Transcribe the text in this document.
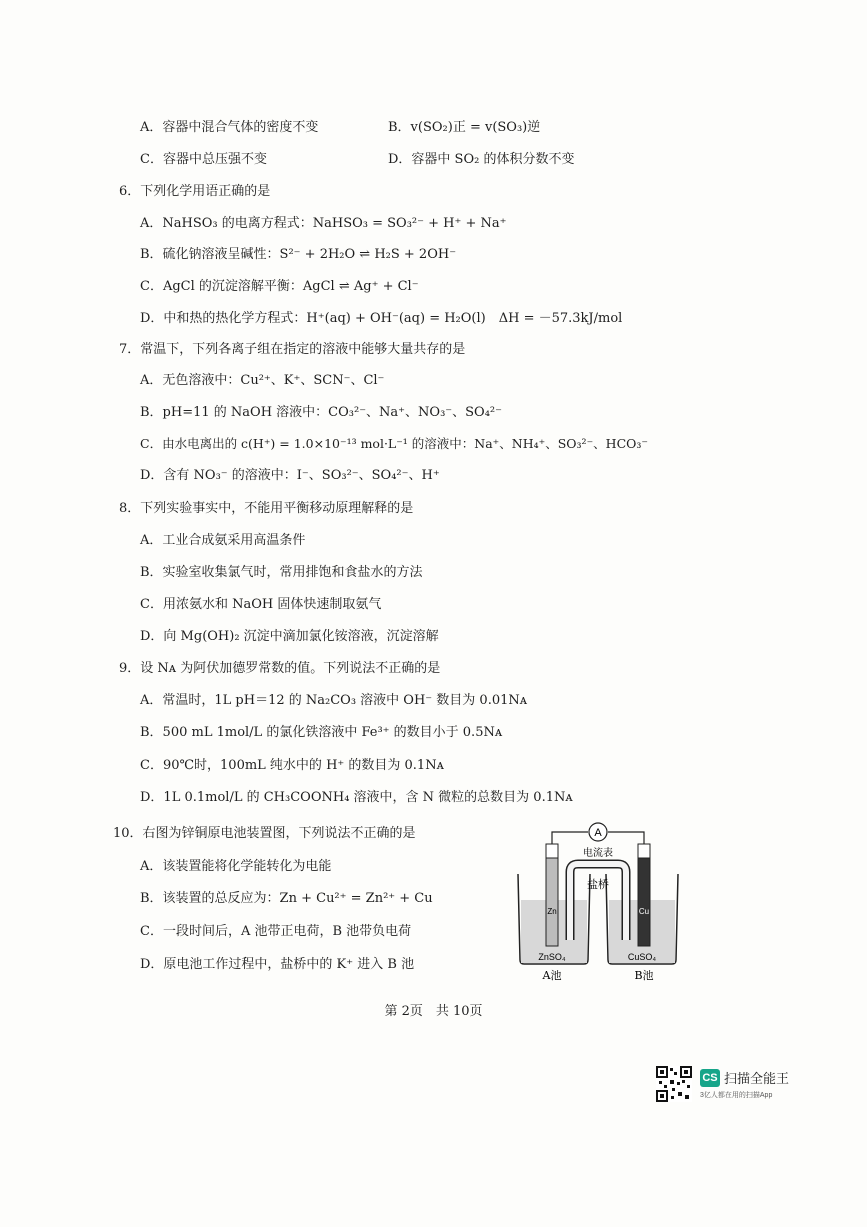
A．容器中混合气体的密度不变	B．v(SO₂)正 = v(SO₃)逆
C．容器中总压强不变	D．容器中 SO₂ 的体积分数不变
6．下列化学用语正确的是
A．NaHSO₃ 的电离方程式：NaHSO₃ = SO₃²⁻ + H⁺ + Na⁺
B．硫化钠溶液呈碱性：S²⁻ + 2H₂O ⇌ H₂S + 2OH⁻
C．AgCl 的沉淀溶解平衡：AgCl ⇌ Ag⁺ + Cl⁻
D．中和热的热化学方程式：H⁺(aq) + OH⁻(aq) = H₂O(l)　ΔH = －57.3kJ/mol
7．常温下，下列各离子组在指定的溶液中能够大量共存的是
A．无色溶液中：Cu²⁺、K⁺、SCN⁻、Cl⁻
B．pH=11 的 NaOH 溶液中：CO₃²⁻、Na⁺、NO₃⁻、SO₄²⁻
C．由水电离出的 c(H⁺) = 1.0×10⁻¹³ mol·L⁻¹ 的溶液中：Na⁺、NH₄⁺、SO₃²⁻、HCO₃⁻
D．含有 NO₃⁻ 的溶液中：I⁻、SO₃²⁻、SO₄²⁻、H⁺
8．下列实验事实中，不能用平衡移动原理解释的是
A．工业合成氨采用高温条件
B．实验室收集氯气时，常用排饱和食盐水的方法
C．用浓氨水和 NaOH 固体快速制取氨气
D．向 Mg(OH)₂ 沉淀中滴加氯化铵溶液，沉淀溶解
9．设 Nᴀ 为阿伏加德罗常数的值。下列说法不正确的是
A．常温时，1L pH＝12 的 Na₂CO₃ 溶液中 OH⁻ 数目为 0.01Nᴀ
B．500 mL 1mol/L 的氯化铁溶液中 Fe³⁺ 的数目小于 0.5Nᴀ
C．90℃时，100mL 纯水中的 H⁺ 的数目为 0.1Nᴀ
D．1L 0.1mol/L 的 CH₃COONH₄ 溶液中，含 N 微粒的总数目为 0.1Nᴀ
10．右图为锌铜原电池装置图，下列说法不正确的是
A．该装置能将化学能转化为电能
B．该装置的总反应为：Zn + Cu²⁺ = Zn²⁺ + Cu
C．一段时间后，A 池带正电荷，B 池带负电荷
D．原电池工作过程中，盐桥中的 K⁺ 进入 B 池
A
电流表
Zn	Cu
盐桥
ZnSO₄	CuSO₄
A池	B池
第 2页　共 10页
CS 扫描全能王
3亿人都在用的扫描App
